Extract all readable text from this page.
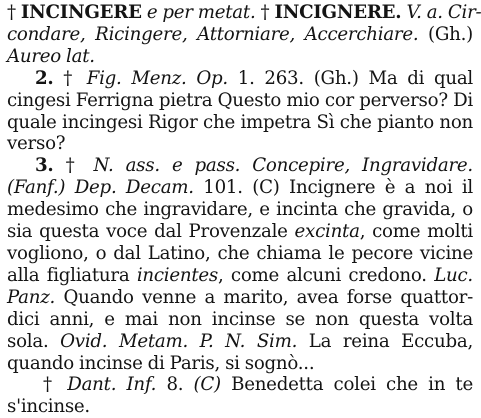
† INCINGERE e per metat. † INCIGNERE. V. a. Cir-
condare, Ricingere, Attorniare, Accerchiare. (Gh.)
Aureo lat.
2. † Fig. Menz. Op. 1. 263. (Gh.) Ma di qual
cingesi Ferrigna pietra Questo mio cor perverso? Di
quale incingesi Rigor che impetra Sì che pianto non
verso?
3. † N. ass. e pass. Concepire, Ingravidare.
(Fanf.) Dep. Decam. 101. (C) Incignere è a noi il
medesimo che ingravidare, e incinta che gravida, o
sia questa voce dal Provenzale excinta, come molti
vogliono, o dal Latino, che chiama le pecore vicine
alla figliatura incientes, come alcuni credono. Luc.
Panz. Quando venne a marito, avea forse quattor-
dici anni, e mai non incinse se non questa volta
sola. Ovid. Metam. P. N. Sim. La reina Eccuba,
quando incinse di Paris, si sognò...
† Dant. Inf. 8. (C) Benedetta colei che in te
s'incinse.
